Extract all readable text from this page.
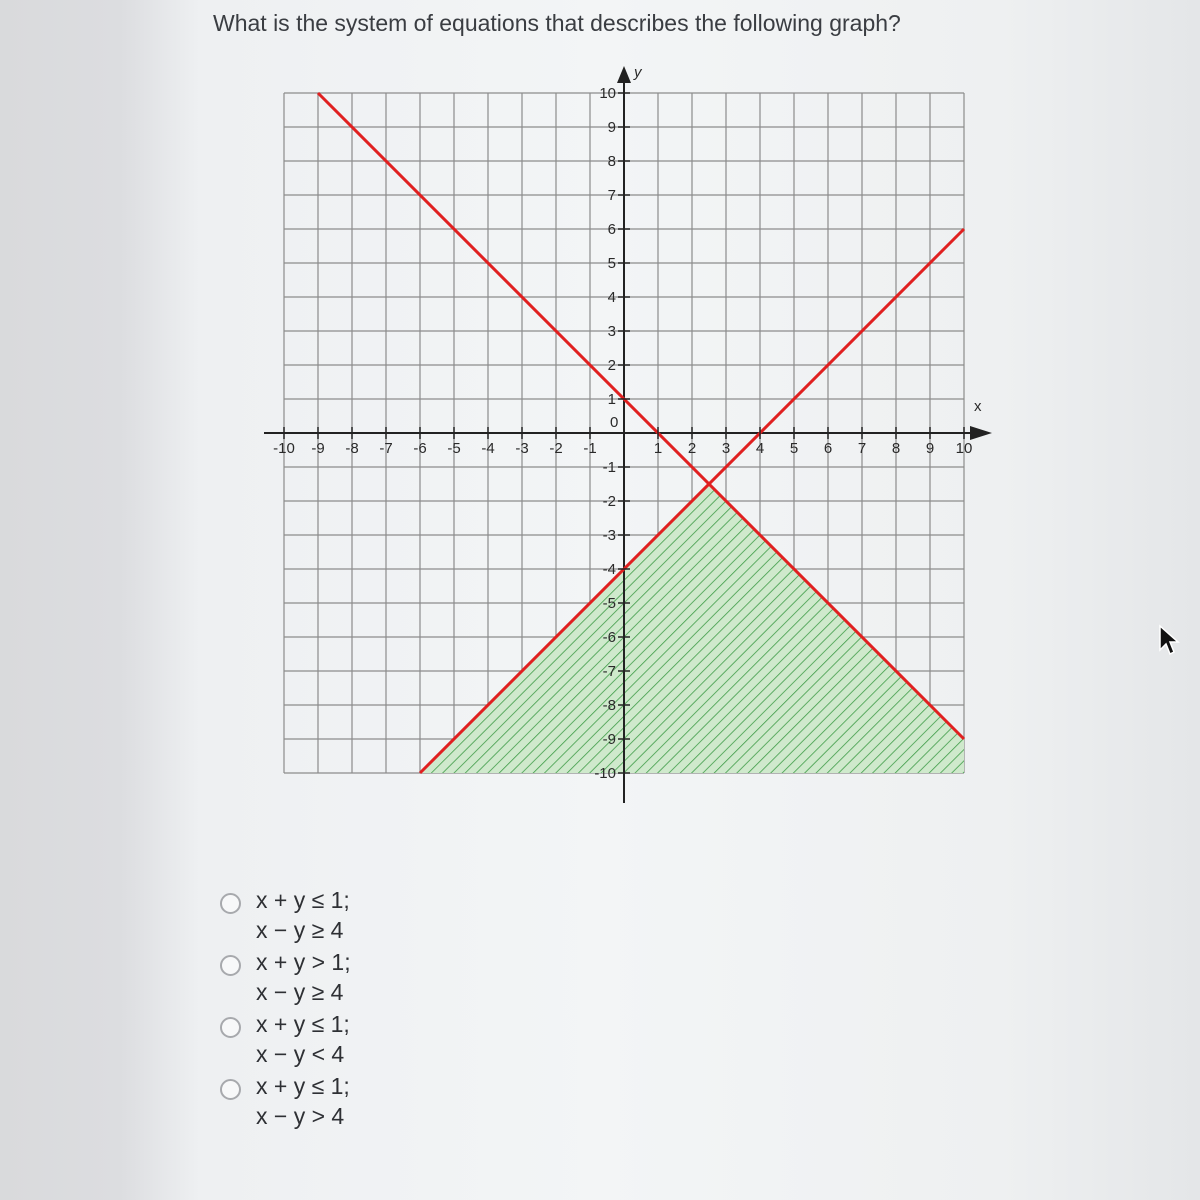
What is the system of equations that describes the following graph?
-10 -9 -8 -7 -6 -5 -4 -3 -2 -1	1 2 3 4 5 6 7 8 9 10
10
9
8
7
6
5
4
3
2
1
-1
-2
-3
-4
-5
-6
-7
-8
-9
-10
0
x
y
x + y ≤ 1;
x − y ≥ 4
x + y > 1;
x − y ≥ 4
x + y ≤ 1;
x − y < 4
x + y ≤ 1;
x − y > 4
